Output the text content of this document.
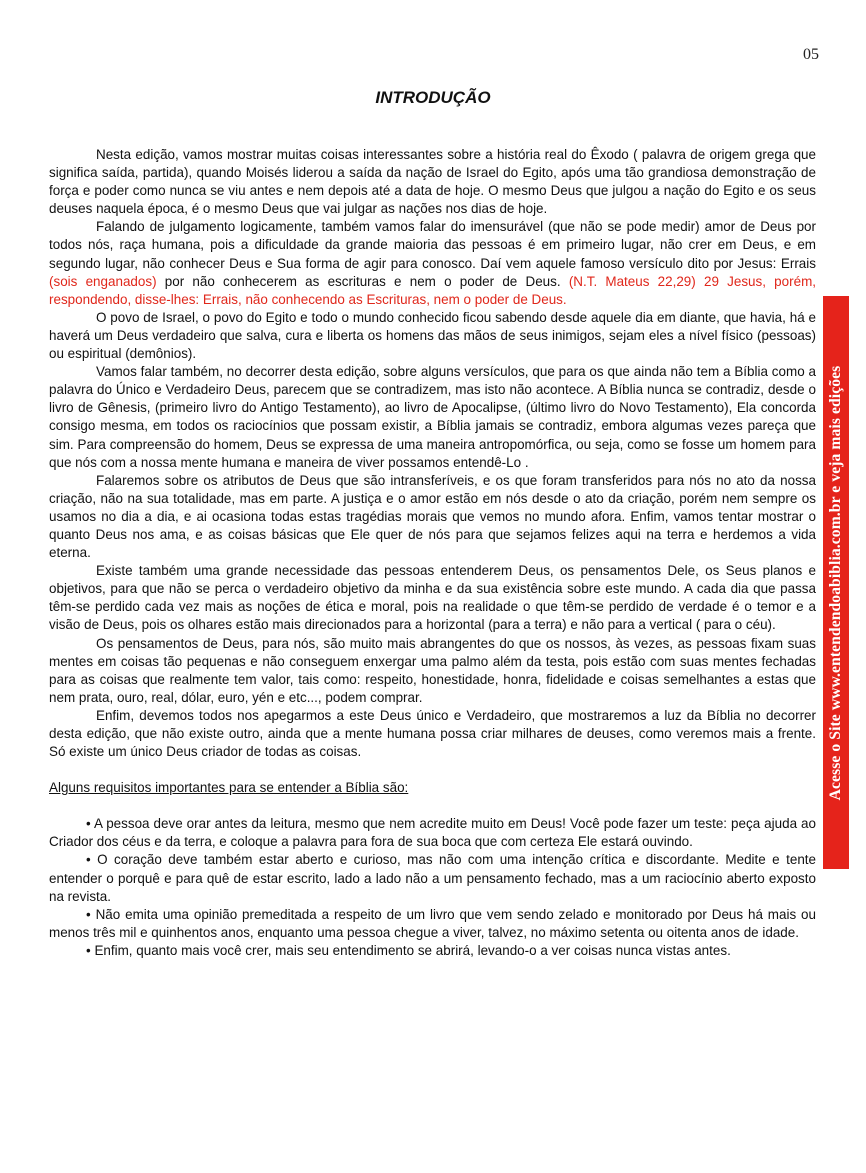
05
INTRODUÇÃO

Nesta edição, vamos mostrar muitas coisas interessantes sobre a história real do Êxodo ( palavra de origem grega que significa saída, partida), quando Moisés liderou a saída da nação de Israel do Egito, após uma tão grandiosa demonstração de força e poder como nunca se viu antes e nem depois até a data de hoje. O mesmo Deus que julgou a nação do Egito e os seus deuses naquela época, é o mesmo Deus que vai julgar as nações nos dias de hoje.

Falando de julgamento logicamente, também vamos falar do imensurável (que não se pode medir) amor de Deus por todos nós, raça humana, pois a dificuldade da grande maioria das pessoas é em primeiro lugar, não crer em Deus, e em segundo lugar, não conhecer Deus e Sua forma de agir para conosco. Daí vem aquele famoso versículo dito por Jesus: Errais (sois enganados) por não conhecerem as escrituras e nem o poder de Deus. (N.T. Mateus 22,29) 29 Jesus, porém, respondendo, disse-lhes: Errais, não conhecendo as Escrituras, nem o poder de Deus.

O povo de Israel, o povo do Egito e todo o mundo conhecido ficou sabendo desde aquele dia em diante, que havia, há e haverá um Deus verdadeiro que salva, cura e liberta os homens das mãos de seus inimigos, sejam eles a nível físico (pessoas) ou espiritual (demônios).

Vamos falar também, no decorrer desta edição, sobre alguns versículos, que para os que ainda não tem a Bíblia como a palavra do Único e Verdadeiro Deus, parecem que se contradizem, mas isto não acontece. A Bíblia nunca se contradiz, desde o livro de Gênesis, (primeiro livro do Antigo Testamento), ao livro de Apocalipse, (último livro do Novo Testamento), Ela concorda consigo mesma, em todos os raciocínios que possam existir, a Bíblia jamais se contradiz, embora algumas vezes pareça que sim. Para compreensão do homem, Deus se expressa de uma maneira antropomórfica, ou seja, como se fosse um homem para que nós com a nossa mente humana e maneira de viver possamos entendê-Lo .

Falaremos sobre os atributos de Deus que são intransferíveis, e os que foram transferidos para nós no ato da nossa criação, não na sua totalidade, mas em parte. A justiça e o amor estão em nós desde o ato da criação, porém nem sempre os usamos no dia a dia, e ai ocasiona todas estas tragédias morais que vemos no mundo afora. Enfim, vamos tentar mostrar o quanto Deus nos ama, e as coisas básicas que Ele quer de nós para que sejamos felizes aqui na terra e herdemos a vida eterna.

Existe também uma grande necessidade das pessoas entenderem Deus, os pensamentos Dele, os Seus planos e objetivos, para que não se perca o verdadeiro objetivo da minha e da sua existência sobre este mundo. A cada dia que passa têm-se perdido cada vez mais as noções de ética e moral, pois na realidade o que têm-se perdido de verdade é o temor e a visão de Deus, pois os olhares estão mais direcionados para a horizontal (para a terra) e não para a vertical ( para o céu).

Os pensamentos de Deus, para nós, são muito mais abrangentes do que os nossos, às vezes, as pessoas fixam suas mentes em coisas tão pequenas e não conseguem enxergar uma palmo além da testa, pois estão com suas mentes fechadas para as coisas que realmente tem valor, tais como: respeito, honestidade, honra, fidelidade e coisas semelhantes a estas que nem prata, ouro, real, dólar, euro, yén e etc..., podem comprar.

Enfim, devemos todos nos apegarmos a este Deus único e Verdadeiro, que mostraremos a luz da Bíblia no decorrer desta edição, que não existe outro, ainda que a mente humana possa criar milhares de deuses, como veremos mais a frente. Só existe um único Deus criador de todas as coisas.

Alguns requisitos importantes para se entender a Bíblia são:

• A pessoa deve orar antes da leitura, mesmo que nem acredite muito em Deus! Você pode fazer um teste: peça ajuda ao Criador dos céus e da terra, e coloque a palavra para fora de sua boca que com certeza Ele estará ouvindo.

• O coração deve também estar aberto e curioso, mas não com uma intenção crítica e discordante. Medite e tente entender o porquê e para quê de estar escrito, lado a lado não a um pensamento fechado, mas a um raciocínio aberto exposto na revista.

• Não emita uma opinião premeditada a respeito de um livro que vem sendo zelado e monitorado por Deus há mais ou menos três mil e quinhentos anos, enquanto uma pessoa chegue a viver, talvez, no máximo setenta ou oitenta anos de idade.

• Enfim, quanto mais você crer, mais seu entendimento se abrirá, levando-o a ver coisas nunca vistas antes.

Acesse o Site www.entendendoabiblia.com.br e veja mais edições
